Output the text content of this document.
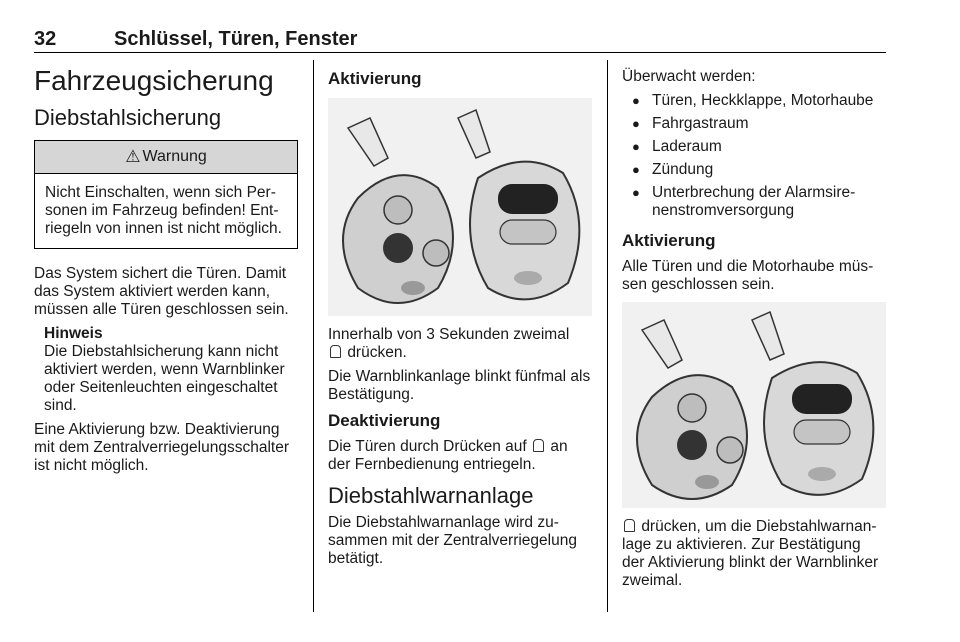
32	Schlüssel, Türen, Fenster
Fahrzeugsicherung
Diebstahlsicherung
⚠ Warnung
Nicht Einschalten, wenn sich Per-sonen im Fahrzeug befinden! Ent-riegeln von innen ist nicht möglich.

Das System sichert die Türen. Damit das System aktiviert werden kann, müssen alle Türen geschlossen sein.

Hinweis

Die Diebstahlsicherung kann nicht aktiviert werden, wenn Warnblinker oder Seitenleuchten eingeschaltet sind.

Eine Aktivierung bzw. Deaktivierung mit dem Zentralverriegelungsschalter ist nicht möglich.

Aktivierung

Innerhalb von 3 Sekunden zweimal
drücken.

Die Warnblinkanlage blinkt fünfmal als Bestätigung.

Deaktivierung

Die Türen durch Drücken auf an der Fernbedienung entriegeln.

Diebstahlwarnanlage

Die Diebstahlwarnanlage wird zu-sammen mit der Zentralverriegelung betätigt.

Überwacht werden:

● Türen, Heckklappe, Motorhaube
● Fahrgastraum
● Laderaum
● Zündung
● Unterbrechung der Alarmsire-nenstromversorgung
Aktivierung

Alle Türen und die Motorhaube müs-sen geschlossen sein.

drücken, um die Diebstahlwarnan-lage zu aktivieren. Zur Bestätigung der Aktivierung blinkt der Warnblinker zweimal.
